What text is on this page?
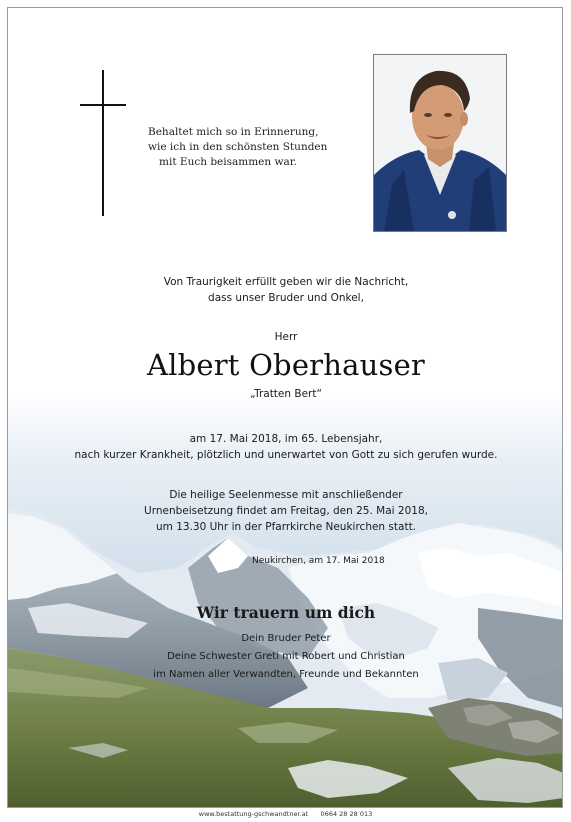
Behaltet mich so in Erinnerung,
wie ich in den schönsten Stunden
mit Euch beisammen war.
Von Traurigkeit erfüllt geben wir die Nachricht,
dass unser Bruder und Onkel,
Herr
Albert Oberhauser
„Tratten Bert“
am 17. Mai 2018, im 65. Lebensjahr,
nach kurzer Krankheit, plötzlich und unerwartet von Gott zu sich gerufen wurde.
Die heilige Seelenmesse mit anschließender
Urnenbeisetzung findet am Freitag, den 25. Mai 2018,
um 13.30 Uhr in der Pfarrkirche Neukirchen statt.
Neukirchen, am 17. Mai 2018
Wir trauern um dich
Dein Bruder Peter
Deine Schwester Greti mit Robert und Christian
im Namen aller Verwandten, Freunde und Bekannten
www.bestattung-gschwandtner.at 0664 28 28 013
